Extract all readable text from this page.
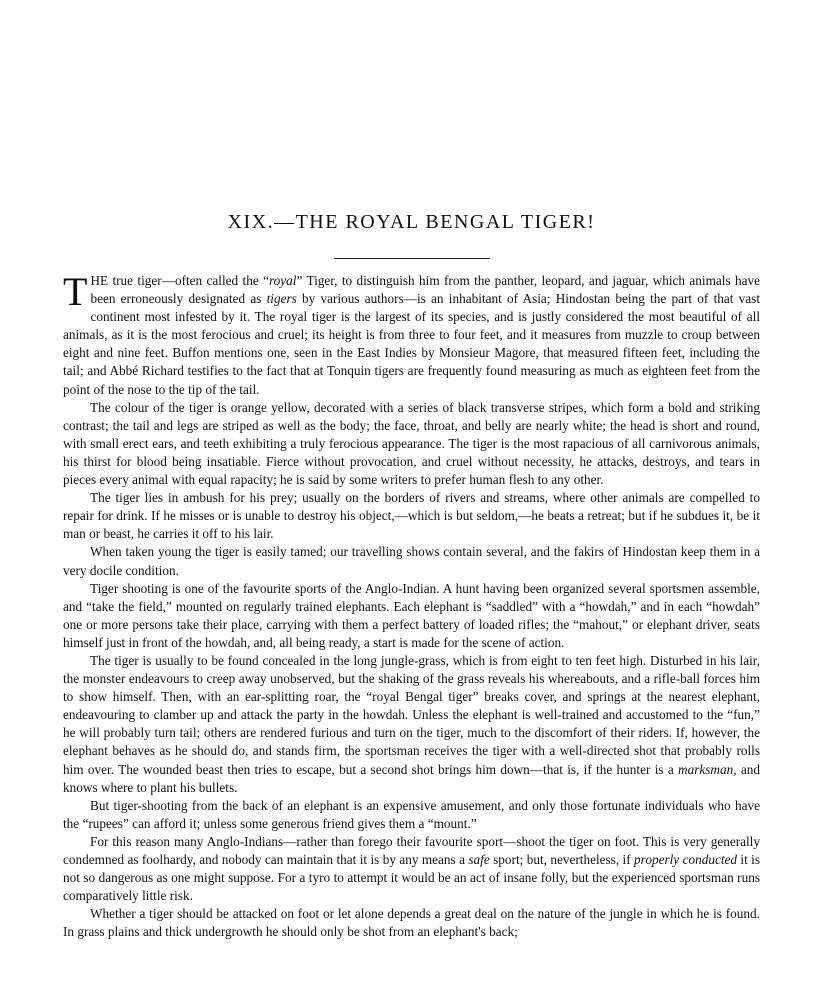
XIX.—THE ROYAL BENGAL TIGER!

THE true tiger—often called the “royal” Tiger, to distinguish him from the panther, leopard, and jaguar, which animals have been erroneously designated as tigers by various authors—is an inhabitant of Asia; Hindostan being the part of that vast continent most infested by it. The royal tiger is the largest of its species, and is justly considered the most beautiful of all animals, as it is the most ferocious and cruel; its height is from three to four feet, and it measures from muzzle to croup between eight and nine feet. Buffon mentions one, seen in the East Indies by Monsieur Magore, that measured fifteen feet, including the tail; and Abbé Richard testifies to the fact that at Tonquin tigers are frequently found measuring as much as eighteen feet from the point of the nose to the tip of the tail.

The colour of the tiger is orange yellow, decorated with a series of black transverse stripes, which form a bold and striking contrast; the tail and legs are striped as well as the body; the face, throat, and belly are nearly white; the head is short and round, with small erect ears, and teeth exhibiting a truly ferocious appearance. The tiger is the most rapacious of all carnivorous animals, his thirst for blood being insatiable. Fierce without provocation, and cruel without necessity, he attacks, destroys, and tears in pieces every animal with equal rapacity; he is said by some writers to prefer human flesh to any other.

The tiger lies in ambush for his prey; usually on the borders of rivers and streams, where other animals are compelled to repair for drink. If he misses or is unable to destroy his object,—which is but seldom,—he beats a retreat; but if he subdues it, be it man or beast, he carries it off to his lair.

When taken young the tiger is easily tamed; our travelling shows contain several, and the fakirs of Hindostan keep them in a very docile condition.

Tiger shooting is one of the favourite sports of the Anglo-Indian. A hunt having been organized several sportsmen assemble, and “take the field,” mounted on regularly trained elephants. Each elephant is “saddled” with a “howdah,” and in each “howdah” one or more persons take their place, carrying with them a perfect battery of loaded rifles; the “mahout,” or elephant driver, seats himself just in front of the howdah, and, all being ready, a start is made for the scene of action.

The tiger is usually to be found concealed in the long jungle-grass, which is from eight to ten feet high. Disturbed in his lair, the monster endeavours to creep away unobserved, but the shaking of the grass reveals his whereabouts, and a rifle-ball forces him to show himself. Then, with an ear-splitting roar, the “royal Bengal tiger” breaks cover, and springs at the nearest elephant, endeavouring to clamber up and attack the party in the howdah. Unless the elephant is well-trained and accustomed to the “fun,” he will probably turn tail; others are rendered furious and turn on the tiger, much to the discomfort of their riders. If, however, the elephant behaves as he should do, and stands firm, the sportsman receives the tiger with a well-directed shot that probably rolls him over. The wounded beast then tries to escape, but a second shot brings him down—that is, if the hunter is a marksman, and knows where to plant his bullets.

But tiger-shooting from the back of an elephant is an expensive amusement, and only those fortunate individuals who have the “rupees” can afford it; unless some generous friend gives them a “mount.”

For this reason many Anglo-Indians—rather than forego their favourite sport—shoot the tiger on foot. This is very generally condemned as foolhardy, and nobody can maintain that it is by any means a safe sport; but, nevertheless, if properly conducted it is not so dangerous as one might suppose. For a tyro to attempt it would be an act of insane folly, but the experienced sportsman runs comparatively little risk.

Whether a tiger should be attacked on foot or let alone depends a great deal on the nature of the jungle in which he is found. In grass plains and thick undergrowth he should only be shot from an elephant's back;
